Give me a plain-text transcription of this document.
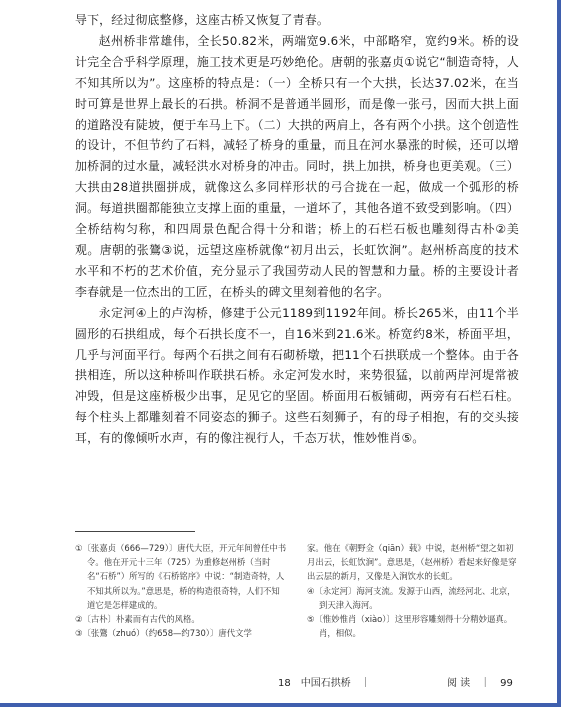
导下，经过彻底整修，这座古桥又恢复了青春。

赵州桥非常雄伟，全长50.82米，两端宽9.6米，中部略窄，宽约9米。桥的设计完全合乎科学原理，施工技术更是巧妙绝伦。唐朝的张嘉贞①说它“制造奇特，人不知其所以为”。这座桥的特点是：（一）全桥只有一个大拱，长达37.02米，在当时可算是世界上最长的石拱。桥洞不是普通半圆形，而是像一张弓，因而大拱上面的道路没有陡坡，便于车马上下。（二）大拱的两肩上，各有两个小拱。这个创造性的设计，不但节约了石料，减轻了桥身的重量，而且在河水暴涨的时候，还可以增加桥洞的过水量，减轻洪水对桥身的冲击。同时，拱上加拱，桥身也更美观。（三）大拱由28道拱圈拼成，就像这么多同样形状的弓合拢在一起，做成一个弧形的桥洞。每道拱圈都能独立支撑上面的重量，一道坏了，其他各道不致受到影响。（四）全桥结构匀称，和四周景色配合得十分和谐；桥上的石栏石板也雕刻得古朴②美观。唐朝的张鷟③说，远望这座桥就像“初月出云，长虹饮涧”。赵州桥高度的技术水平和不朽的艺术价值，充分显示了我国劳动人民的智慧和力量。桥的主要设计者李春就是一位杰出的工匠，在桥头的碑文里刻着他的名字。

永定河④上的卢沟桥，修建于公元1189到1192年间。桥长265米，由11个半圆形的石拱组成，每个石拱长度不一，自16米到21.6米。桥宽约8米，桥面平坦，几乎与河面平行。每两个石拱之间有石砌桥墩，把11个石拱联成一个整体。由于各拱相连，所以这种桥叫作联拱石桥。永定河发水时，来势很猛，以前两岸河堤常被冲毁，但是这座桥极少出事，足见它的坚固。桥面用石板铺砌，两旁有石栏石柱。每个柱头上都雕刻着不同姿态的狮子。这些石刻狮子，有的母子相抱，有的交头接耳，有的像倾听水声，有的像注视行人，千态万状，惟妙惟肖⑤。

①〔张嘉贞（666—729）〕唐代大臣，开元年间曾任中书令。他在开元十三年（725）为重修赵州桥（当时名“石桥”）所写的《石桥铭序》中说：“制造奇特，人不知其所以为。”意思是，桥的构造很奇特，人们不知道它是怎样建成的。

②〔古朴〕朴素而有古代的风格。

③〔张鷟（zhuó）（约658—约730）〕唐代文学

家。他在《朝野佥（qiān）载》中说，赵州桥“望之如初月出云，长虹饮涧”。意思是，（赵州桥）看起来好像是穿出云层的新月，又像是入涧饮水的长虹。

④〔永定河〕海河支流。发源于山西，流经河北、北京，到天津入海河。

⑤〔惟妙惟肖（xiào）〕这里形容雕刻得十分精妙逼真。肖，相似。

18　中国石拱桥　｜	阅 读　｜　99
